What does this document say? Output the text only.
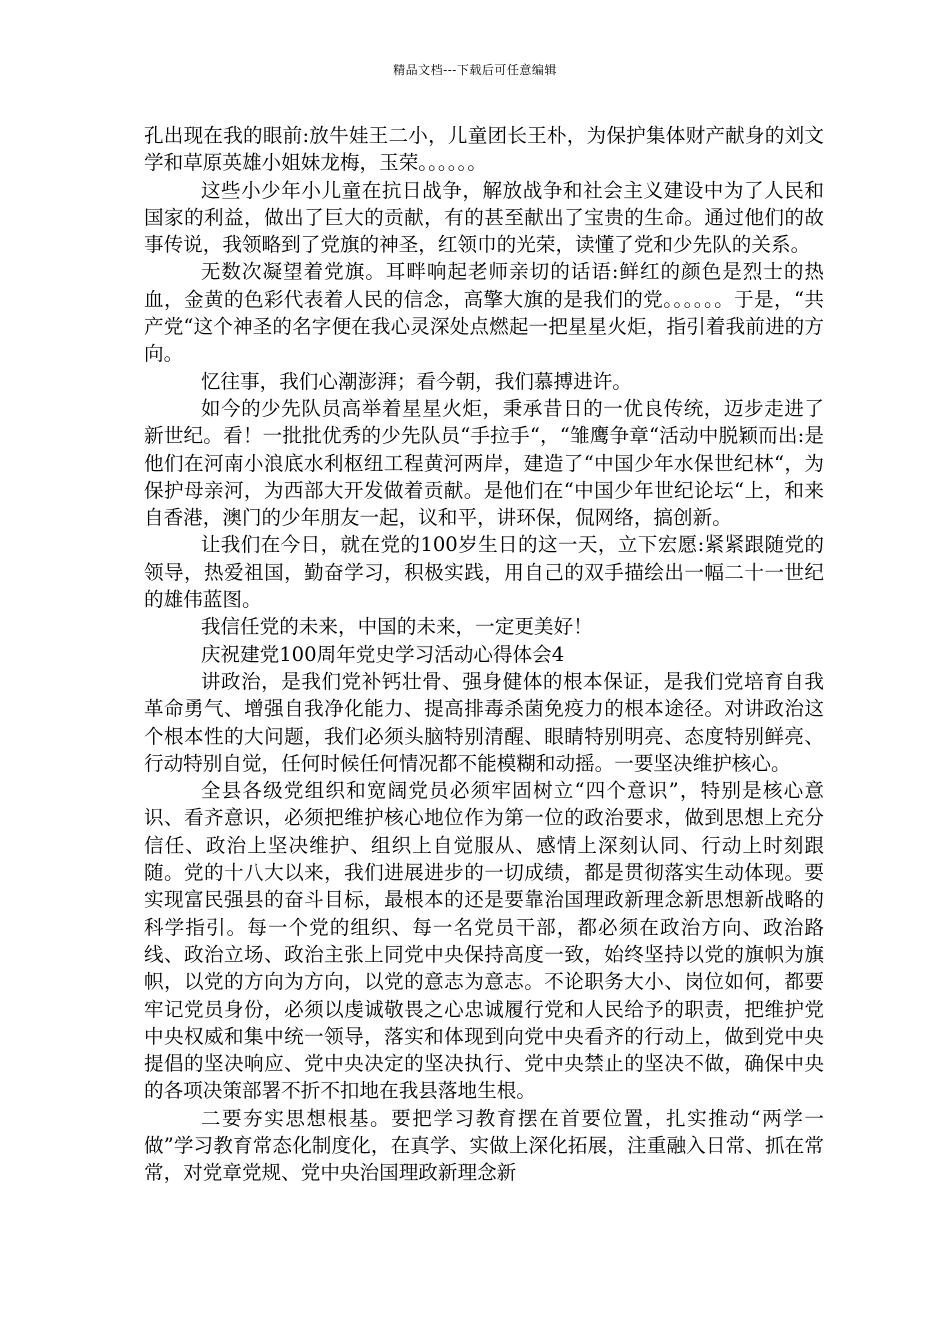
精品文档---下载后可任意编辑

孔出现在我的眼前:放牛娃王二小，儿童团长王朴，为保护集体财产献身的刘文学和草原英雄小姐妹龙梅，玉荣。。。。。。

这些小少年小儿童在抗日战争，解放战争和社会主义建设中为了人民和国家的利益，做出了巨大的贡献，有的甚至献出了宝贵的生命。通过他们的故事传说，我领略到了党旗的神圣，红领巾的光荣，读懂了党和少先队的关系。

无数次凝望着党旗。耳畔响起老师亲切的话语:鲜红的颜色是烈士的热血，金黄的色彩代表着人民的信念，高擎大旗的是我们的党。。。。。。于是，“共产党“这个神圣的名字便在我心灵深处点燃起一把星星火炬，指引着我前进的方向。

忆往事，我们心潮澎湃；看今朝，我们慕搏进许。

如今的少先队员高举着星星火炬，秉承昔日的一优良传统，迈步走进了新世纪。看！一批批优秀的少先队员“手拉手“，“雏鹰争章“活动中脱颖而出:是他们在河南小浪底水利枢纽工程黄河两岸，建造了“中国少年水保世纪林“，为保护母亲河，为西部大开发做着贡献。是他们在“中国少年世纪论坛“上，和来自香港，澳门的少年朋友一起，议和平，讲环保，侃网络，搞创新。

让我们在今日，就在党的100岁生日的这一天，立下宏愿:紧紧跟随党的领导，热爱祖国，勤奋学习，积极实践，用自己的双手描绘出一幅二十一世纪的雄伟蓝图。

我信任党的未来，中国的未来，一定更美好！

庆祝建党100周年党史学习活动心得体会4

讲政治，是我们党补钙壮骨、强身健体的根本保证，是我们党培育自我革命勇气、增强自我净化能力、提高排毒杀菌免疫力的根本途径。对讲政治这个根本性的大问题，我们必须头脑特别清醒、眼睛特别明亮、态度特别鲜亮、行动特别自觉，任何时候任何情况都不能模糊和动摇。一要坚决维护核心。

全县各级党组织和宽阔党员必须牢固树立“四个意识”，特别是核心意识、看齐意识，必须把维护核心地位作为第一位的政治要求，做到思想上充分信任、政治上坚决维护、组织上自觉服从、感情上深刻认同、行动上时刻跟随。党的十八大以来，我们进展进步的一切成绩，都是贯彻落实生动体现。要实现富民强县的奋斗目标，最根本的还是要靠治国理政新理念新思想新战略的科学指引。每一个党的组织、每一名党员干部，都必须在政治方向、政治路线、政治立场、政治主张上同党中央保持高度一致，始终坚持以党的旗帜为旗帜，以党的方向为方向，以党的意志为意志。不论职务大小、岗位如何，都要牢记党员身份，必须以虔诚敬畏之心忠诚履行党和人民给予的职责，把维护党中央权威和集中统一领导，落实和体现到向党中央看齐的行动上，做到党中央提倡的坚决响应、党中央决定的坚决执行、党中央禁止的坚决不做，确保中央的各项决策部署不折不扣地在我县落地生根。

二要夯实思想根基。要把学习教育摆在首要位置，扎实推动“两学一做”学习教育常态化制度化，在真学、实做上深化拓展，注重融入日常、抓在常常，对党章党规、党中央治国理政新理念新
